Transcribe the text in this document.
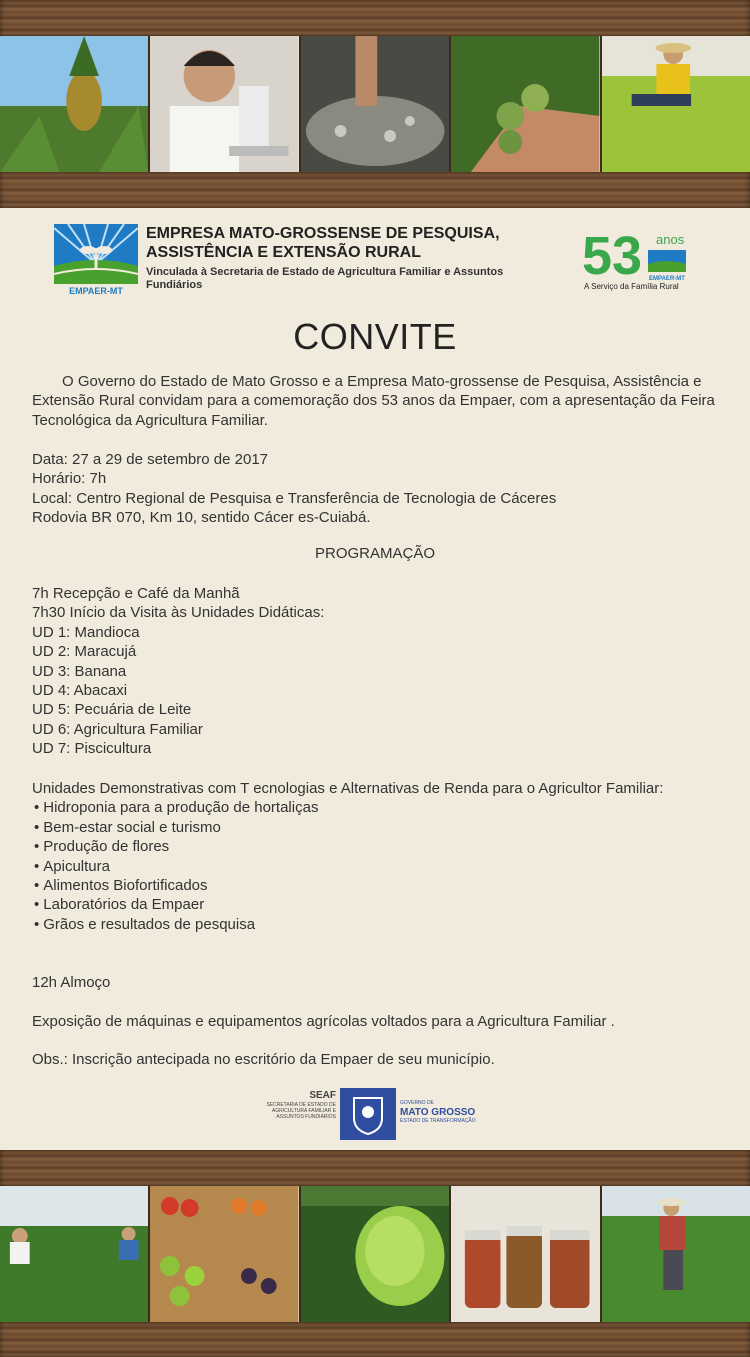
EMPAER-MT
EMPRESA MATO-GROSSENSE DE PESQUISA, ASSISTÊNCIA E EXTENSÃO RURAL
Vinculada à Secretaria de Estado de Agricultura Familiar e Assuntos Fundiários	53 anos
EMPAER-MT
A Serviço da Família Rural
CONVITE
O Governo do Estado de Mato Grosso e a Empresa Mato-grossense de Pesquisa, Assistência e Extensão Rural convidam para a comemoração dos 53 anos da Empaer, com a apresentação da Feira Tecnológica da Agricultura Familiar.
Data: 27 a 29 de setembro de 2017
Horário: 7h
Local: Centro Regional de Pesquisa e Transferência de Tecnologia de Cáceres
Rodovia BR 070, Km 10, sentido Cácer es-Cuiabá.
PROGRAMAÇÃO
7h Recepção e Café da Manhã
7h30 Início da Visita às Unidades Didáticas:
UD 1: Mandioca
UD 2: Maracujá
UD 3: Banana
UD 4: Abacaxi
UD 5: Pecuária de Leite
UD 6: Agricultura Familiar
UD 7: Piscicultura
Unidades Demonstrativas com T ecnologias e Alternativas de Renda para o Agricultor Familiar:
• Hidroponia para a produção de hortaliças
• Bem-estar social e turismo
• Produção de flores
• Apicultura
• Alimentos Biofortificados
• Laboratórios da Empaer
• Grãos e resultados de pesquisa
12h Almoço
Exposição de máquinas e equipamentos agrícolas voltados para a Agricultura Familiar .
Obs.: Inscrição antecipada no escritório da Empaer de seu município.
SEAF
SECRETARIA DE ESTADO DE AGRICULTURA FAMILIAR E ASSUNTOS FUNDIÁRIOS
GOVERNO DE
MATO GROSSO
ESTADO DE TRANSFORMAÇÃO
